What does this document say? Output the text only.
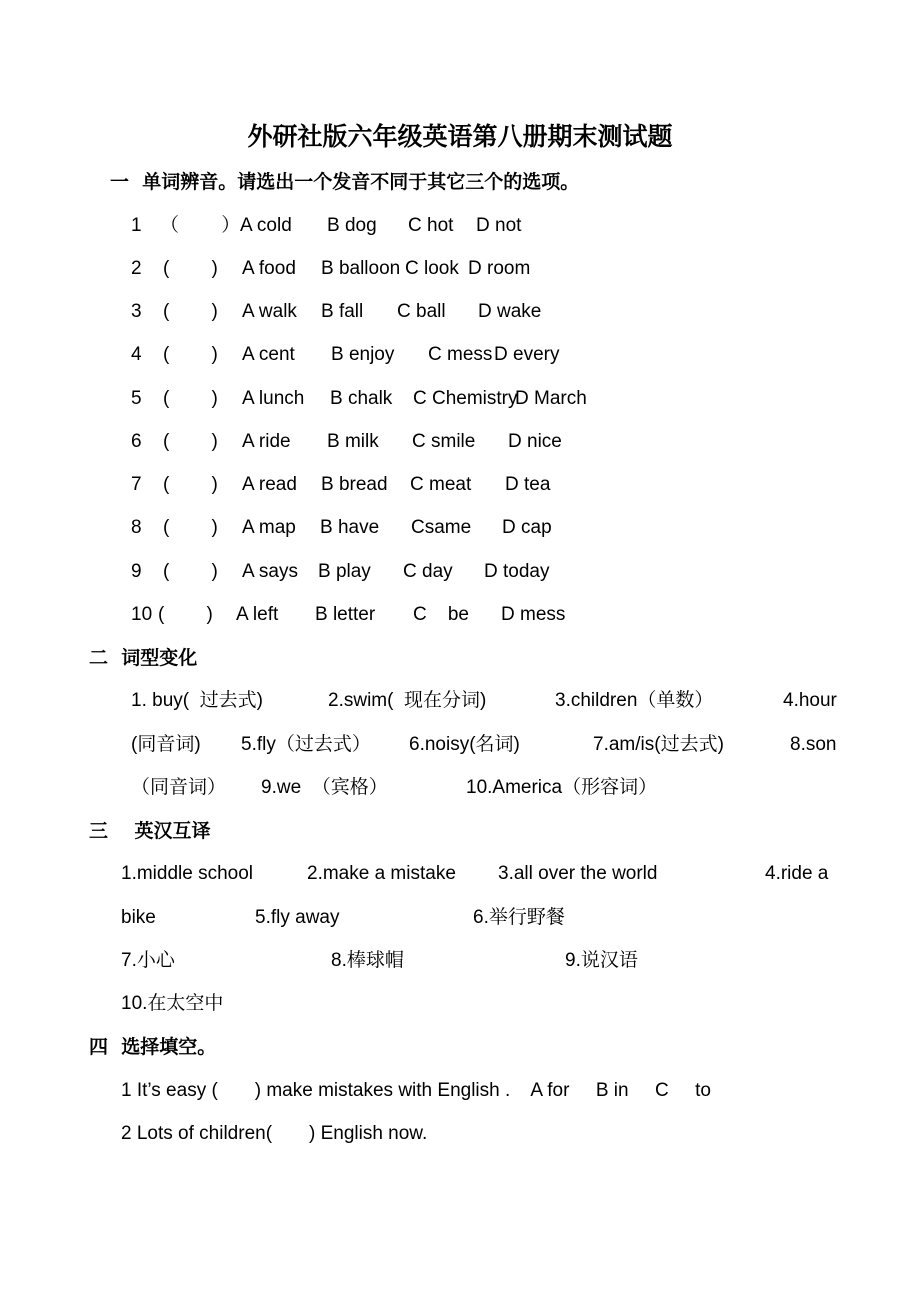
外研社版六年级英语第八册期末测试题
一  单词辨音。请选出一个发音不同于其它三个的选项。
1 （        ） A cold B dog C hot D not
2 (        ) A food B balloon C look D room
3 (        ) A walk B fall C ball D wake
4 (        ) A cent B enjoy C mess D every
5 (        ) A lunch B chalk C Chemistry
D March
6 (        ) A ride B milk C smile D nice
7 (        ) A read B bread C meat D tea
8 (        ) A map B have Csame D cap
9 (        ) A says B play C day D today
10 (        ) A left B letter C    be D mess
二  词型变化
1. buy(  过去式)	2.swim(  现在分词)	3.children（单数）	4.hour
(同音词) 5.fly（过去式） 6.noisy(名词)	7.am/is(过去式)	8.son
（同音词） 9.we  （宾格）	10.America（形容词）
三    英汉互译
1.middle school	2.make a mistake 3.all over the world	4.ride a
bike	5.fly away	6.举行野餐
7.小心	8.棒球帽	9.说汉语
10.在太空中
四  选择填空。
1 It’s easy (       ) make mistakes with English .    A for     B in     C     to
2 Lots of children(       ) English now.
